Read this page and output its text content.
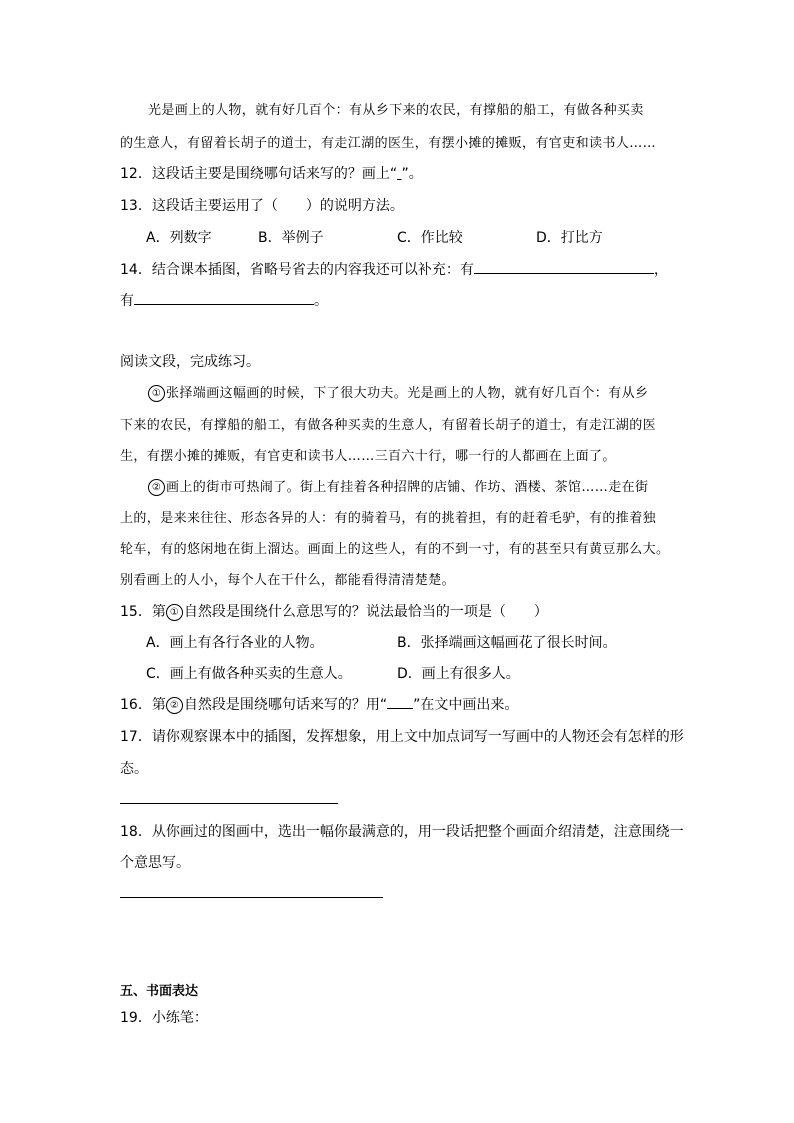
光是画上的人物，就有好几百个：有从乡下来的农民，有撑船的船工，有做各种买卖
的生意人，有留着长胡子的道士，有走江湖的医生，有摆小摊的摊贩，有官吏和读书人……
12．这段话主要是围绕哪句话来写的？画上“ ”。
13．这段话主要运用了（　　）的说明方法。
A．列数字	B．举例子	C．作比较	D．打比方
14．结合课本插图，省略号省去的内容我还可以补充：有	，
有	。
阅读文段，完成练习。
① 张择端画这幅画的时候，下了很大功夫。光是画上的人物，就有好几百个：有从乡
下来的农民，有撑船的船工，有做各种买卖的生意人，有留着长胡子的道士，有走江湖的医
生，有摆小摊的摊贩，有官吏和读书人……三百六十行，哪一行的人都画在上面了。
② 画上的街市可热闹了。街上有挂着各种招牌的店铺、作坊、酒楼、茶馆……走在街
上的，是来来往往、形态各异的人：有的骑着马，有的挑着担，有的赶着毛驴，有的推着独
轮车，有的悠闲地在街上溜达。画面上的这些人，有的不到一寸，有的甚至只有黄豆那么大。
别看画上的人小，每个人在干什么，都能看得清清楚楚。
15．第 ① 自然段是围绕什么意思写的？说法最恰当的一项是（　　）
A．画上有各行各业的人物。	B．张择端画这幅画花了很长时间。
C．画上有做各种买卖的生意人。	D．画上有很多人。
16．第 ② 自然段是围绕哪句话来写的？用“ ”在文中画出来。
17．请你观察课本中的插图，发挥想象，用上文中加点词写一写画中的人物还会有怎样的形
态。
18．从你画过的图画中，选出一幅你最满意的，用一段话把整个画面介绍清楚，注意围绕一
个意思写。
五、书面表达
19．小练笔：
